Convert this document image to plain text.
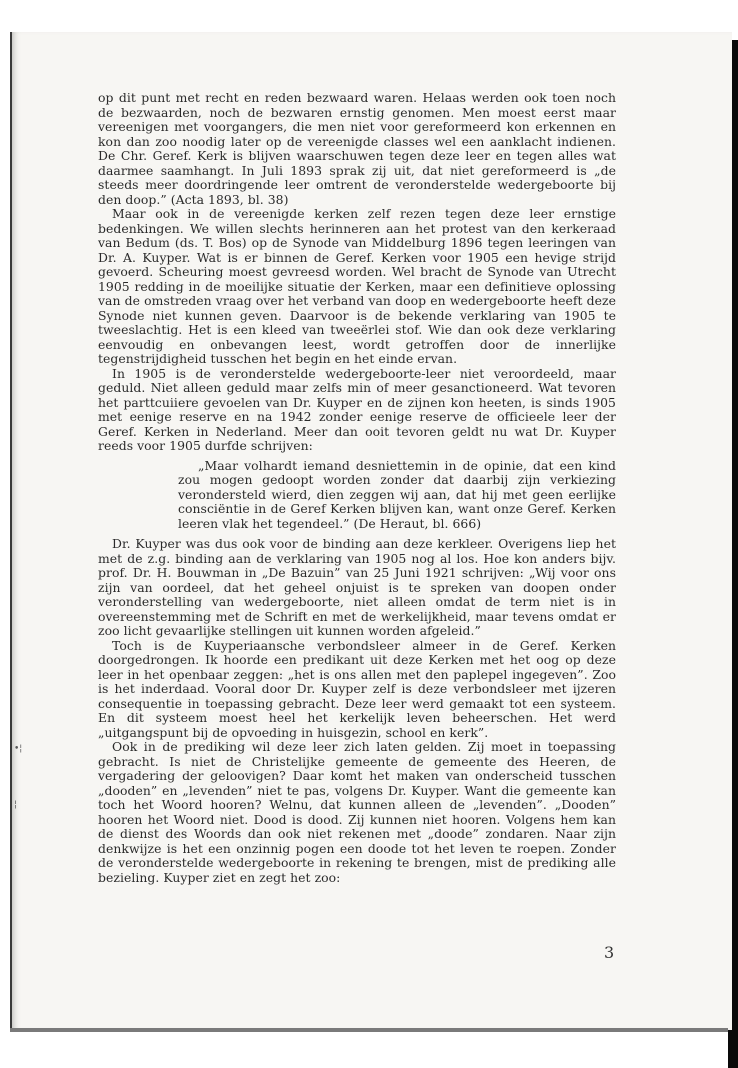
•¦
¦

op dit punt met recht en reden bezwaard waren. Helaas werden ook toen noch de bezwaarden, noch de bezwaren ernstig genomen. Men moest eerst maar vereenigen met voorgangers, die men niet voor gereformeerd kon erkennen en kon dan zoo noodig later op de vereenigde classes wel een aanklacht indienen. De Chr. Geref. Kerk is blijven waarschuwen tegen deze leer en tegen alles wat daarmee saamhangt. In Juli 1893 sprak zij uit, dat niet gereformeerd is „de steeds meer doordringende leer omtrent de veronderstelde wedergeboorte bij den doop.” (Acta 1893, bl. 38)

Maar ook in de vereenigde kerken zelf rezen tegen deze leer ernstige bedenkingen. We willen slechts herinneren aan het protest van den kerkeraad van Bedum (ds. T. Bos) op de Synode van Middelburg 1896 tegen leeringen van Dr. A. Kuyper. Wat is er binnen de Geref. Kerken voor 1905 een hevige strijd gevoerd. Scheuring moest gevreesd worden. Wel bracht de Synode van Utrecht 1905 redding in de moeilijke situatie der Kerken, maar een definitieve oplossing van de omstreden vraag over het verband van doop en wedergeboorte heeft deze Synode niet kunnen geven. Daarvoor is de bekende verklaring van 1905 te tweeslachtig. Het is een kleed van tweeërlei stof. Wie dan ook deze verklaring eenvoudig en onbevangen leest, wordt getroffen door de innerlijke tegenstrijdigheid tusschen het begin en het einde ervan.

In 1905 is de veronderstelde wedergeboorte-leer niet veroordeeld, maar geduld. Niet alleen geduld maar zelfs min of meer gesanctioneerd. Wat tevoren het parttcuiiere gevoelen van Dr. Kuyper en de zijnen kon heeten, is sinds 1905 met eenige reserve en na 1942 zonder eenige reserve de officieele leer der Geref. Kerken in Nederland. Meer dan ooit tevoren geldt nu wat Dr. Kuyper reeds voor 1905 durfde schrijven:

„Maar volhardt iemand desniettemin in de opinie, dat een kind zou mogen gedoopt worden zonder dat daarbij zijn verkiezing verondersteld wierd, dien zeggen wij aan, dat hij met geen eerlijke consciëntie in de Geref Kerken blijven kan, want onze Geref. Kerken leeren vlak het tegendeel.” (De Heraut, bl. 666)

Dr. Kuyper was dus ook voor de binding aan deze kerkleer. Overigens liep het met de z.g. binding aan de verklaring van 1905 nog al los. Hoe kon anders bijv. prof. Dr. H. Bouwman in „De Bazuin” van 25 Juni 1921 schrijven: „Wij voor ons zijn van oordeel, dat het geheel onjuist is te spreken van doopen onder veronderstelling van wedergeboorte, niet alleen omdat de term niet is in overeenstemming met de Schrift en met de werkelijkheid, maar tevens omdat er zoo licht gevaarlijke stellingen uit kunnen worden afgeleid.”

Toch is de Kuyperiaansche verbondsleer almeer in de Geref. Kerken doorgedrongen. Ik hoorde een predikant uit deze Kerken met het oog op deze leer in het openbaar zeggen: „het is ons allen met den paplepel ingegeven”. Zoo is het inderdaad. Vooral door Dr. Kuyper zelf is deze verbondsleer met ijzeren consequentie in toepassing gebracht. Deze leer werd gemaakt tot een systeem. En dit systeem moest heel het kerkelijk leven beheerschen. Het werd „uitgangspunt bij de opvoeding in huisgezin, school en kerk”.

Ook in de prediking wil deze leer zich laten gelden. Zij moet in toepassing gebracht. Is niet de Christelijke gemeente de gemeente des Heeren, de vergadering der geloovigen? Daar komt het maken van onderscheid tusschen „dooden” en „levenden” niet te pas, volgens Dr. Kuyper. Want die gemeente kan toch het Woord hooren? Welnu, dat kunnen alleen de „levenden”. „Dooden” hooren het Woord niet. Dood is dood. Zij kunnen niet hooren. Volgens hem kan de dienst des Woords dan ook niet rekenen met „doode” zondaren. Naar zijn denkwijze is het een onzinnig pogen een doode tot het leven te roepen. Zonder de veronderstelde wedergeboorte in rekening te brengen, mist de prediking alle bezieling. Kuyper ziet en zegt het zoo:

3
